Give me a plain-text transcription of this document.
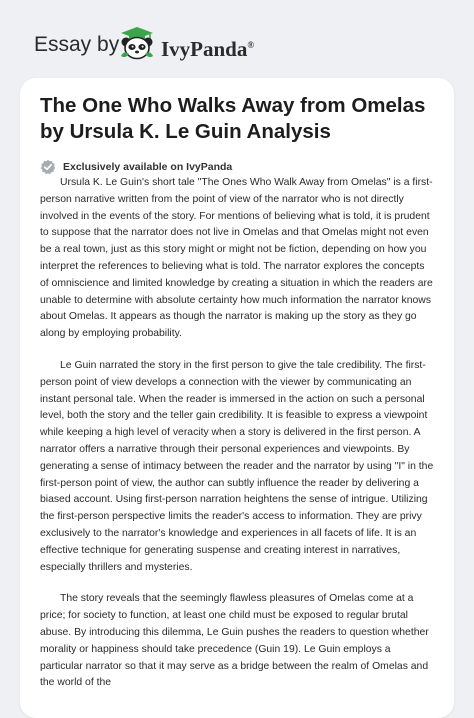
Essay by IvyPanda®
The One Who Walks Away from Omelas by Ursula K. Le Guin Analysis
Exclusively available on IvyPanda

Ursula K. Le Guin's short tale "The Ones Who Walk Away from Omelas" is a first-person narrative written from the point of view of the narrator who is not directly involved in the events of the story. For mentions of believing what is told, it is prudent to suppose that the narrator does not live in Omelas and that Omelas might not even be a real town, just as this story might or might not be fiction, depending on how you interpret the references to believing what is told. The narrator explores the concepts of omniscience and limited knowledge by creating a situation in which the readers are unable to determine with absolute certainty how much information the narrator knows about Omelas. It appears as though the narrator is making up the story as they go along by employing probability.

Le Guin narrated the story in the first person to give the tale credibility. The first-person point of view develops a connection with the viewer by communicating an instant personal tale. When the reader is immersed in the action on such a personal level, both the story and the teller gain credibility. It is feasible to express a viewpoint while keeping a high level of veracity when a story is delivered in the first person. A narrator offers a narrative through their personal experiences and viewpoints. By generating a sense of intimacy between the reader and the narrator by using "I" in the first-person point of view, the author can subtly influence the reader by delivering a biased account. Using first-person narration heightens the sense of intrigue. Utilizing the first-person perspective limits the reader's access to information. They are privy exclusively to the narrator's knowledge and experiences in all facets of life. It is an effective technique for generating suspense and creating interest in narratives, especially thrillers and mysteries.

The story reveals that the seemingly flawless pleasures of Omelas come at a price; for society to function, at least one child must be exposed to regular brutal abuse. By introducing this dilemma, Le Guin pushes the readers to question whether morality or happiness should take precedence (Guin 19). Le Guin employs a particular narrator so that it may serve as a bridge between the realm of Omelas and the world of the
